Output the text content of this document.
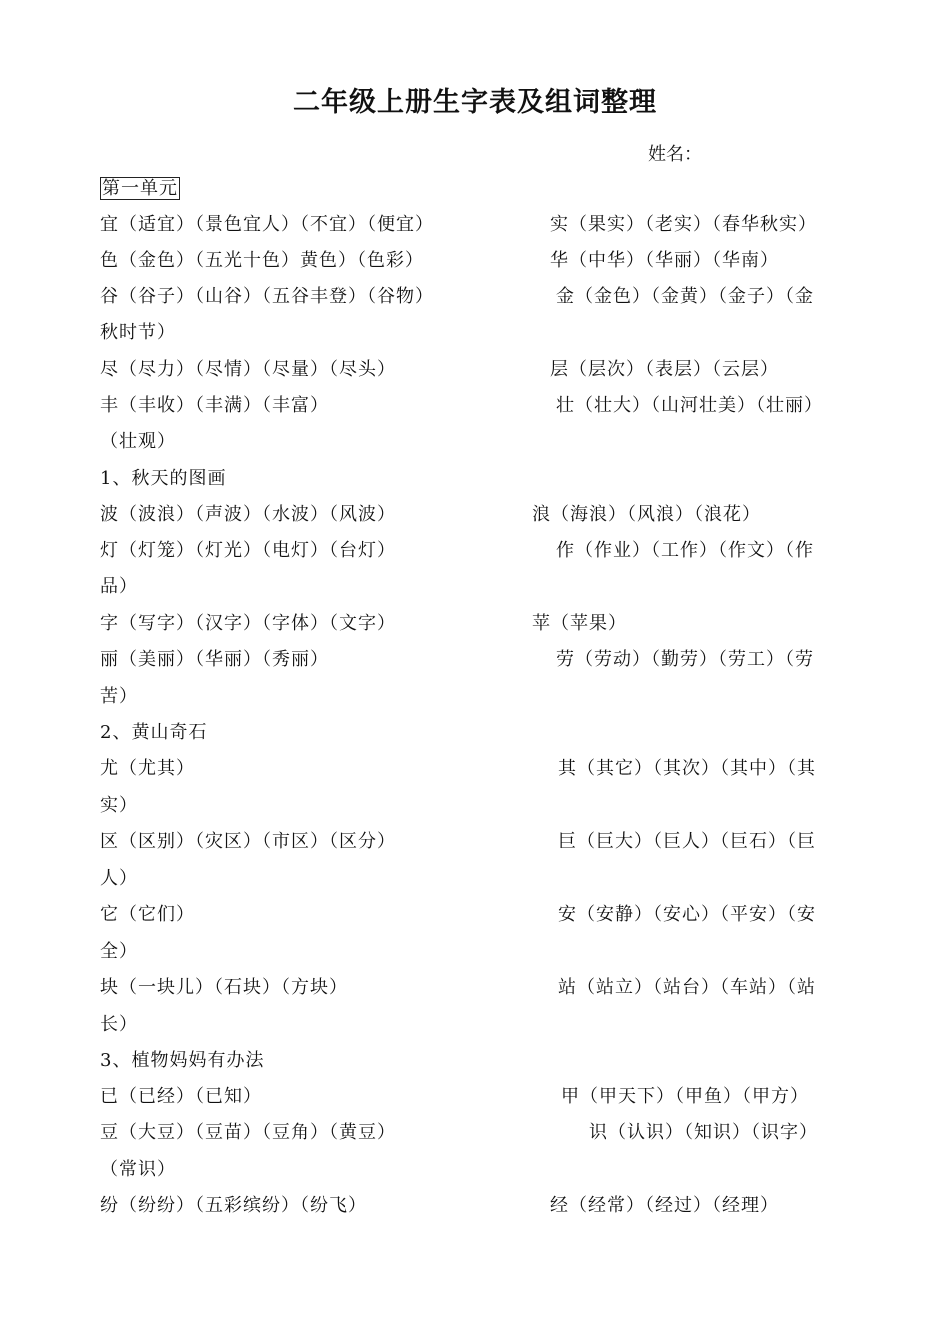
二年级上册生字表及组词整理
姓名：
第一单元
宜（适宜）（景色宜人）（不宜）（便宜）	实（果实）（老实）（春华秋实）
色（金色）（五光十色）黄色）（色彩）	华（中华）（华丽）（华南）
谷（谷子）（山谷）（五谷丰登）（谷物）	金（金色）（金黄）（金子）（金
秋时节）
尽（尽力）（尽情）（尽量）（尽头）	层（层次）（表层）（云层）
丰（丰收）（丰满）（丰富）	壮（壮大）（山河壮美）（壮丽）
（壮观）
1、秋天的图画
波（波浪）（声波）（水波）（风波）	浪（海浪）（风浪）（浪花）
灯（灯笼）（灯光）（电灯）（台灯）	作（作业）（工作）（作文）（作
品）
字（写字）（汉字）（字体）（文字）	苹（苹果）
丽（美丽）（华丽）（秀丽）	劳（劳动）（勤劳）（劳工）（劳
苦）
2、黄山奇石
尤（尤其）	其（其它）（其次）（其中）（其
实）
区（区别）（灾区）（市区）（区分）	巨（巨大）（巨人）（巨石）（巨
人）
它（它们）	安（安静）（安心）（平安）（安
全）
块（一块儿）（石块）（方块）	站（站立）（站台）（车站）（站
长）
3、植物妈妈有办法
已（已经）（已知）	甲（甲天下）（甲鱼）（甲方）
豆（大豆）（豆苗）（豆角）（黄豆）	识（认识）（知识）（识字）
（常识）
纷（纷纷）（五彩缤纷）（纷飞）	经（经常）（经过）（经理）
